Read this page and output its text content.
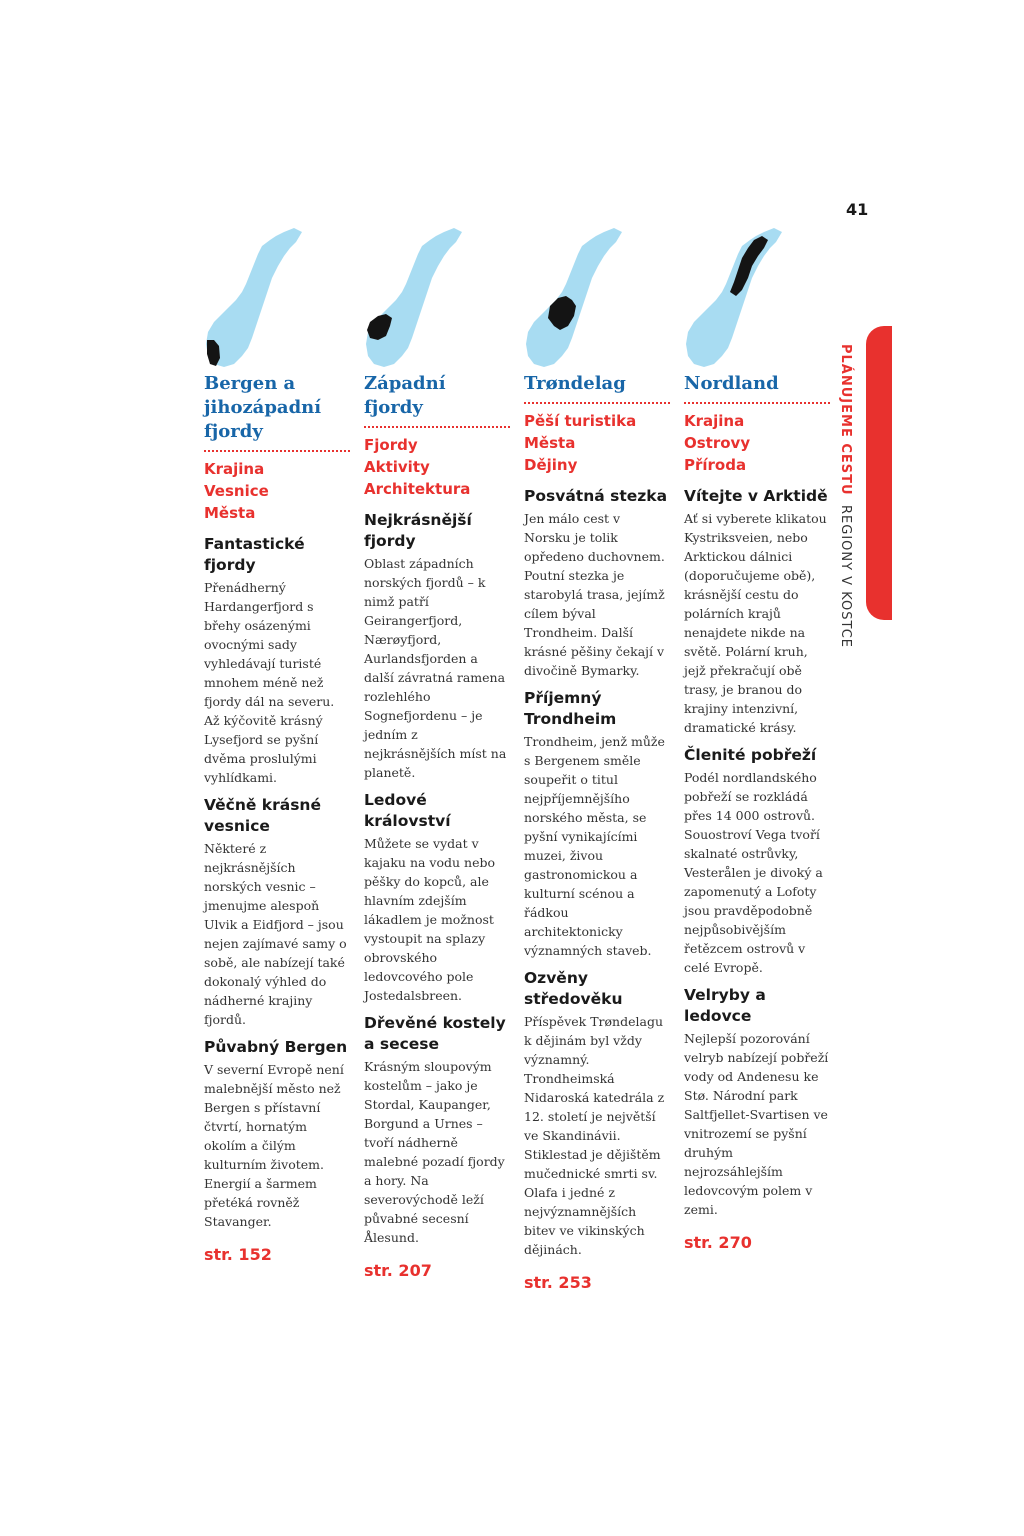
41
PLÁNUJEME CESTU REGIONY V KOSTCE
Bergen a jihozápadní fjordy
Krajina
Vesnice
Města
Fantastické fjordy

Přenádherný Hardangerfjord s břehy osázenými ovocnými sady vyhledávají turisté mnohem méně než fjordy dál na severu. Až kýčovitě krásný Lysefjord se pyšní dvěma proslulými vyhlídkami.

Věčně krásné vesnice

Některé z nejkrásnějších norských vesnic – jmenujme alespoň Ulvik a Eidfjord – jsou nejen zajímavé samy o sobě, ale nabízejí také dokonalý výhled do nádherné krajiny fjordů.

Půvabný Bergen

V severní Evropě není malebnější město než Bergen s přístavní čtvrtí, hornatým okolím a čilým kulturním životem. Energií a šarmem přetéká rovněž Stavanger.

str. 152
Západní fjordy
Fjordy
Aktivity
Architektura
Nejkrásnější fjordy

Oblast západních norských fjordů – k nimž patří Geirangerfjord, Nærøyfjord, Aurlandsfjorden a další závratná ramena rozlehlého Sognefjordenu – je jedním z nejkrásnějších míst na planetě.

Ledové království

Můžete se vydat v kajaku na vodu nebo pěšky do kopců, ale hlavním zdejším lákadlem je možnost vystoupit na splazy obrovského ledovcového pole Jostedalsbreen.

Dřevěné kostely a secese

Krásným sloupovým kostelům – jako je Stordal, Kaupanger, Borgund a Urnes – tvoří nádherně malebné pozadí fjordy a hory. Na severovýchodě leží půvabné secesní Ålesund.

str. 207
Trøndelag
Pěší turistika
Města
Dějiny
Posvátná stezka

Jen málo cest v Norsku je tolik opředeno duchovnem. Poutní stezka je starobylá trasa, jejímž cílem býval Trondheim. Další krásné pěšiny čekají v divočině Bymarky.

Příjemný Trondheim

Trondheim, jenž může s Bergenem směle soupeřit o titul nejpříjemnějšího norského města, se pyšní vynikajícími muzei, živou gastronomickou a kulturní scénou a řádkou architektonicky významných staveb.

Ozvěny středověku

Příspěvek Trøndelagu k dějinám byl vždy významný. Trondheimská Nidaroská katedrála z 12. století je největší ve Skandinávii. Stiklestad je dějištěm mučednické smrti sv. Olafa i jedné z nejvýznamnějších bitev ve vikinských dějinách.

str. 253
Nordland
Krajina
Ostrovy
Příroda
Vítejte v Arktidě

Ať si vyberete klikatou Kystriksveien, nebo Arktickou dálnici (doporučujeme obě), krásnější cestu do polárních krajů nenajdete nikde na světě. Polární kruh, jejž překračují obě trasy, je branou do krajiny intenzivní, dramatické krásy.

Členité pobřeží

Podél nordlandského pobřeží se rozkládá přes 14 000 ostrovů. Souostroví Vega tvoří skalnaté ostrůvky, Vesterålen je divoký a zapomenutý a Lofoty jsou pravděpodobně nejpůsobivějším řetězcem ostrovů v celé Evropě.

Velryby a ledovce

Nejlepší pozorování velryb nabízejí pobřeží vody od Andenesu ke Stø. Národní park Saltfjellet-Svartisen ve vnitrozemí se pyšní druhým nejrozsáhlejším ledovcovým polem v zemi.

str. 270
